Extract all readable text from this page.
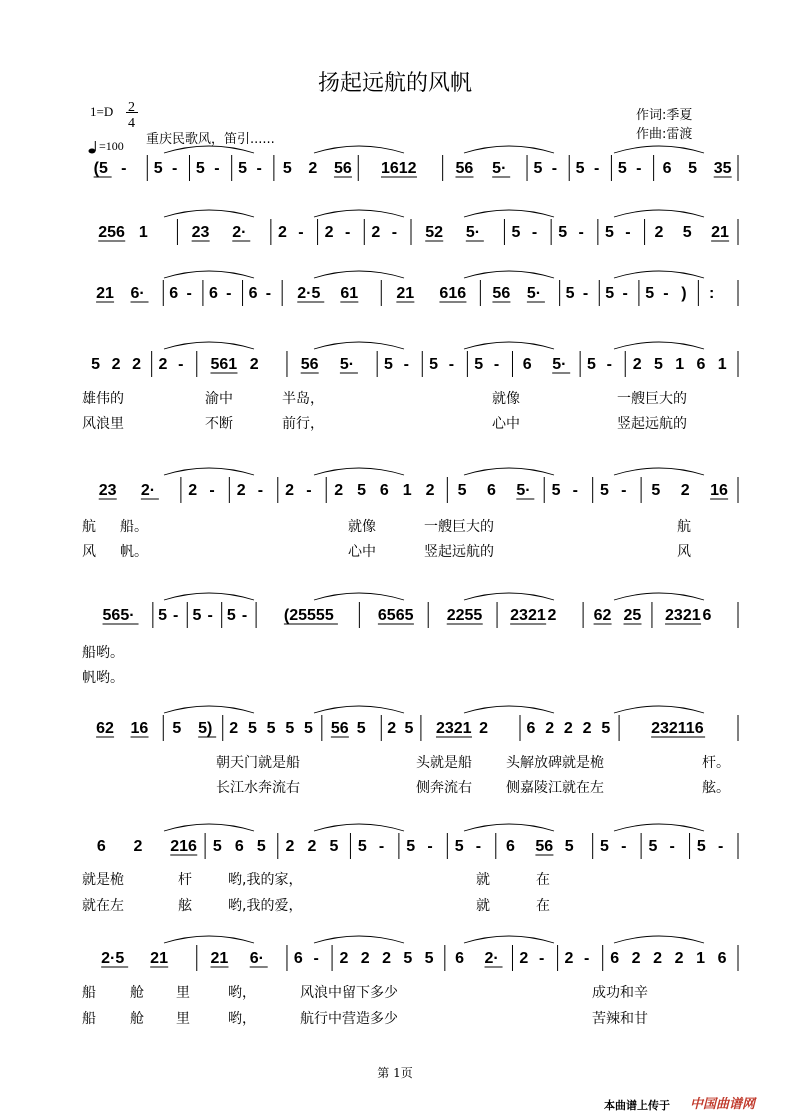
扬起远航的风帆
作词:季夏
作曲:雷渡
1=D 2
4
重庆民歌风，笛引......
=100
(5 - 5 - 5 - 5 - 5 2 56 1612 56 5· 5 - 5 - 5 - 6 5 35
256 1	23 2· 2 - 2 - 2 - 52 5· 5 - 5 - 5 - 2 5 21
21 6· 6 - 6 - 6 - 2·5 61 21 616 56 5· 5 - 5 - 5 - ) :
5 2 2 2 - 561 2	56 5· 5 - 5 - 5 - 6 5· 5 - 2 5 1 6 1
23 2· 2 - 2 - 2 - 2 5 6 1 2 5 6 5· 5 - 5 - 5 2 16
565· 5 - 5 - 5 - (25555	6565 2255 2321 2 62 25 2321 6
62 16 5 5) 2 5 5 5 5 56 5 2 5 2321 2 6 2 2 2 5	232116
6 2 216 5 6 5 2 2 5 5 - 5 - 5 - 6 56 5 5 - 5 - 5 -
2·5 21	21 6· 6 - 2 2 2 5 5 6 2· 2 - 2 - 6 2 2 2 1 6
雄伟的	渝中	半岛，	就像	一艘巨大的
风浪里	不断	前行，	心中	竖起远航的
航 船。	就像	一艘巨大的	航
风 帆。	心中	竖起远航的	风
船哟。
帆哟。
朝天门就是船	头就是船 头解放碑就是桅	杆。
长江水奔流右	侧奔流右 侧嘉陵江就在左	舷。
就是桅	杆	哟,我的家，	就	在
就在左	舷	哟,我的爱，	就	在
船 舱 里	哟，	风浪中留下多少	成功和辛
船 舱 里	哟，	航行中营造多少	苦辣和甘
第 1页
本曲谱上传于 中国曲谱网
